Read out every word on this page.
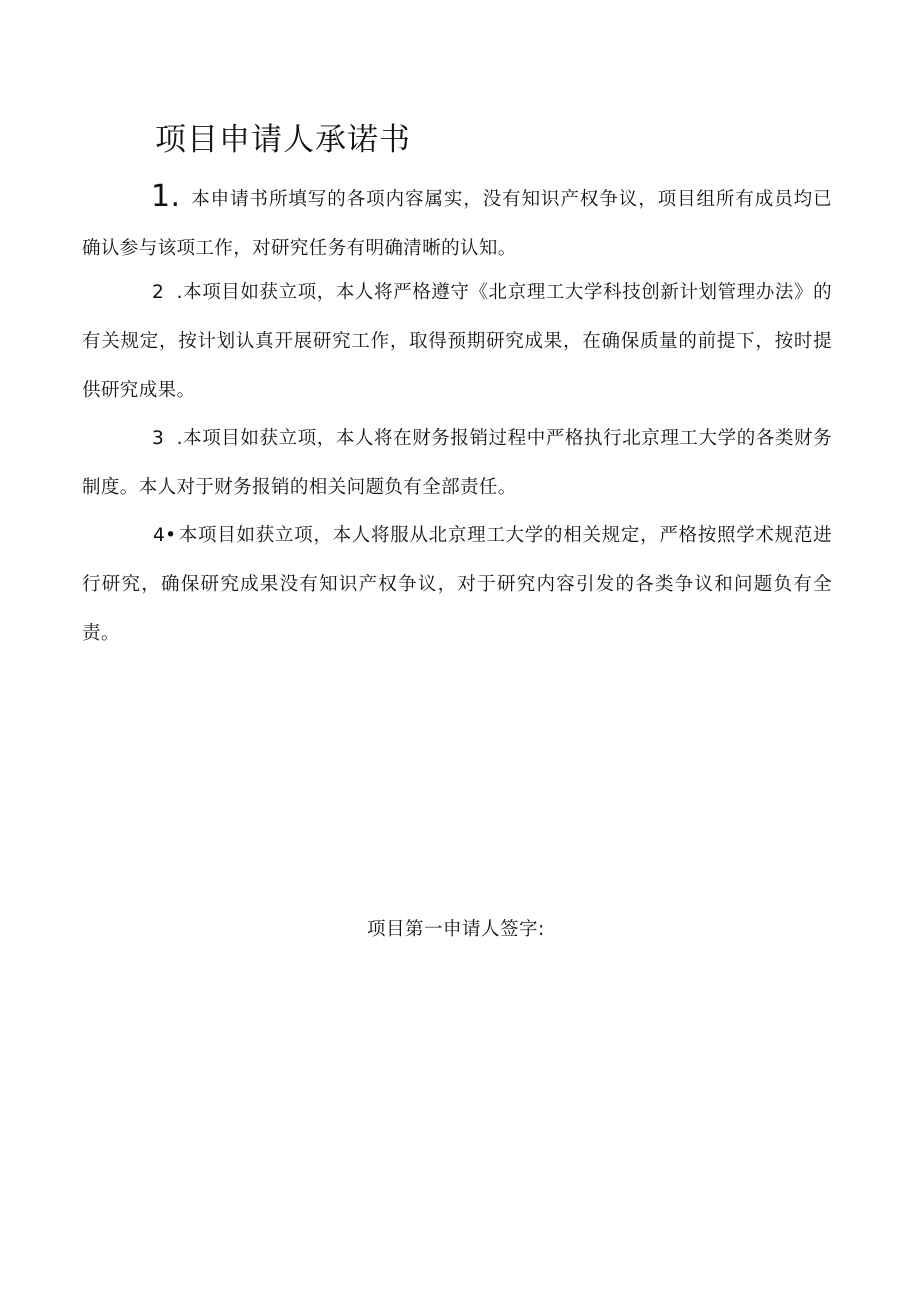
项目申请人承诺书
1. 本申请书所填写的各项内容属实，没有知识产权争议，项目组所有成员均已确认参与该项工作，对研究任务有明确清晰的认知。
2 .本项目如获立项，本人将严格遵守《北京理工大学科技创新计划管理办法》的有关规定，按计划认真开展研究工作，取得预期研究成果，在确保质量的前提下，按时提供研究成果。
3 .本项目如获立项，本人将在财务报销过程中严格执行北京理工大学的各类财务制度。本人对于财务报销的相关问题负有全部责任。
4• 本项目如获立项，本人将服从北京理工大学的相关规定，严格按照学术规范进行研究，确保研究成果没有知识产权争议，对于研究内容引发的各类争议和问题负有全责。
项目第一申请人签字:
